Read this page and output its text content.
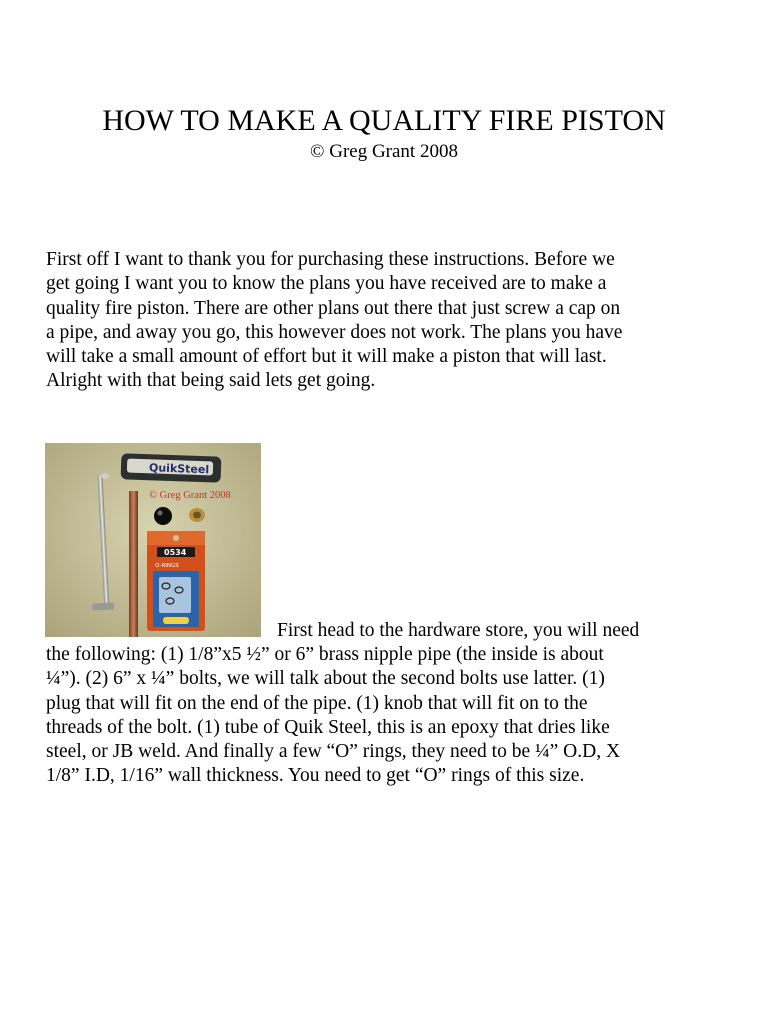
HOW TO MAKE A QUALITY FIRE PISTON
© Greg Grant 2008

First off I want to thank you for purchasing these instructions. Before we
get going I want you to know the plans you have received are to make a
quality fire piston. There are other plans out there that just screw a cap on
a pipe, and away you go, this however does not work. The plans you have
will take a small amount of effort but it will make a piston that will last.
Alright with that being said lets get going.

QuikSteel
© Greg Grant 2008
0534
O-RINGS

First head to the hardware store, you will need

the following: (1) 1/8”x5 ½” or 6” brass nipple pipe (the inside is about
¼”). (2) 6” x ¼” bolts, we will talk about the second bolts use latter. (1)
plug that will fit on the end of the pipe. (1) knob that will fit on to the
threads of the bolt. (1) tube of Quik Steel, this is an epoxy that dries like
steel, or JB weld. And finally a few “O” rings, they need to be ¼” O.D, X
1/8” I.D, 1/16” wall thickness. You need to get “O” rings of this size.
